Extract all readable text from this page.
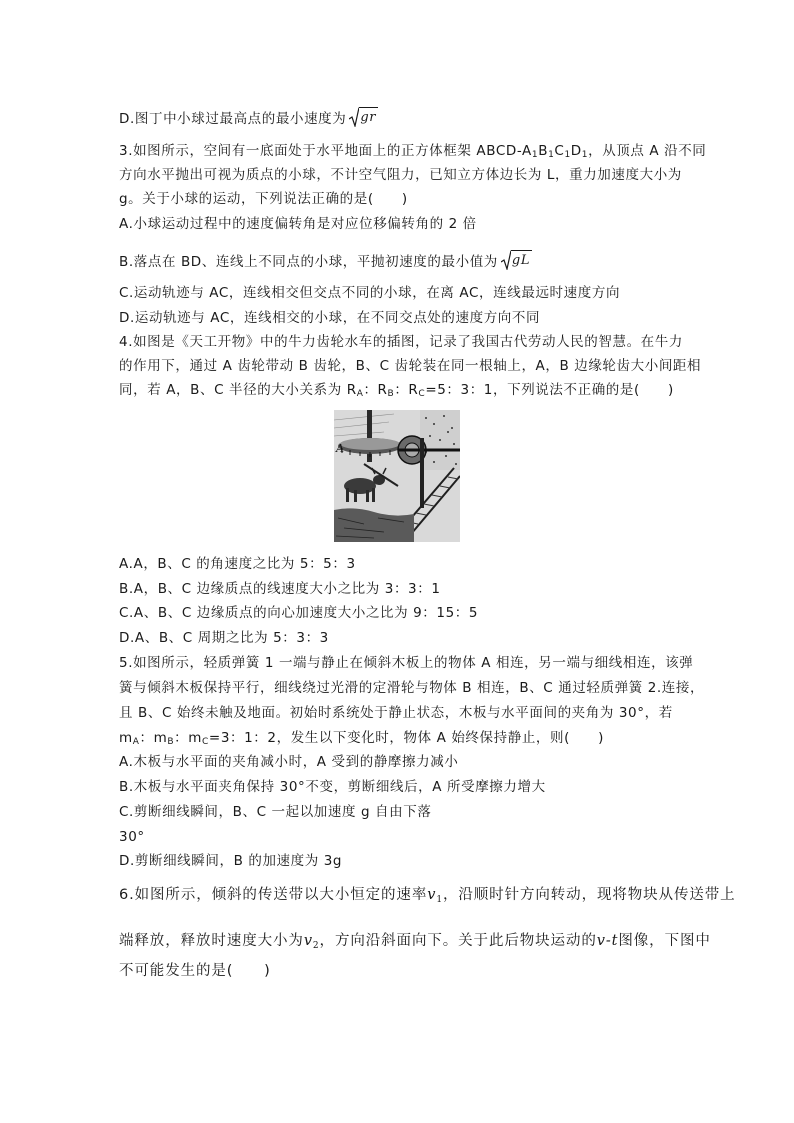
D.图丁中小球过最高点的最小速度为 gr
3.如图所示，空间有一底面处于水平地面上的正方体框架 ABCD-$A_1B_1C_1D_1$，从顶点 A 沿不同
方向水平抛出可视为质点的小球，不计空气阻力，已知立方体边长为 L，重力加速度大小为
g。关于小球的运动，下列说法正确的是(　　)
A.小球运动过程中的速度偏转角是对应位移偏转角的 2 倍
B.落点在 BD、连线上不同点的小球，平抛初速度的最小值为 gL
C.运动轨迹与 AC，连线相交但交点不同的小球，在离 AC，连线最远时速度方向
D.运动轨迹与 AC，连线相交的小球，在不同交点处的速度方向不同
4.如图是《天工开物》中的牛力齿轮水车的插图，记录了我国古代劳动人民的智慧。在牛力
的作用下，通过 A 齿轮带动 B 齿轮，B、C 齿轮装在同一根轴上，A，B 边缘轮齿大小间距相
同，若 A，B、C 半径的大小关系为 $R_A$：$R_B$：$R_C=5$：3：1，下列说法不正确的是(　　)
A
A.A，B、C 的角速度之比为 5：5：3
B.A，B、C 边缘质点的线速度大小之比为 3：3：1
C.A、B、C 边缘质点的向心加速度大小之比为 9：15：5
D.A、B、C 周期之比为 5：3：3
5.如图所示，轻质弹簧 1 一端与静止在倾斜木板上的物体 A 相连，另一端与细线相连，该弹
簧与倾斜木板保持平行，细线绕过光滑的定滑轮与物体 B 相连，B、C 通过轻质弹簧 2.连接，
且 B、C 始终未触及地面。初始时系统处于静止状态，木板与水平面间的夹角为 30°，若
$m_A$：$m_B$：$m_C=3$：1：2，发生以下变化时，物体 A 始终保持静止，则(　　)
A.木板与水平面的夹角减小时，A 受到的静摩擦力减小
B.木板与水平面夹角保持 30°不变，剪断细线后，A 所受摩擦力增大
C.剪断细线瞬间，B、C 一起以加速度 g 自由下落
30°
D.剪断细线瞬间，B 的加速度为 3g
6.如图所示，倾斜的传送带以大小恒定的速率$v_1$，沿顺时针方向转动，现将物块从传送带上
端释放，释放时速度大小为$v_2$，方向沿斜面向下。关于此后物块运动的v-t图像，下图中
不可能发生的是(　　)
